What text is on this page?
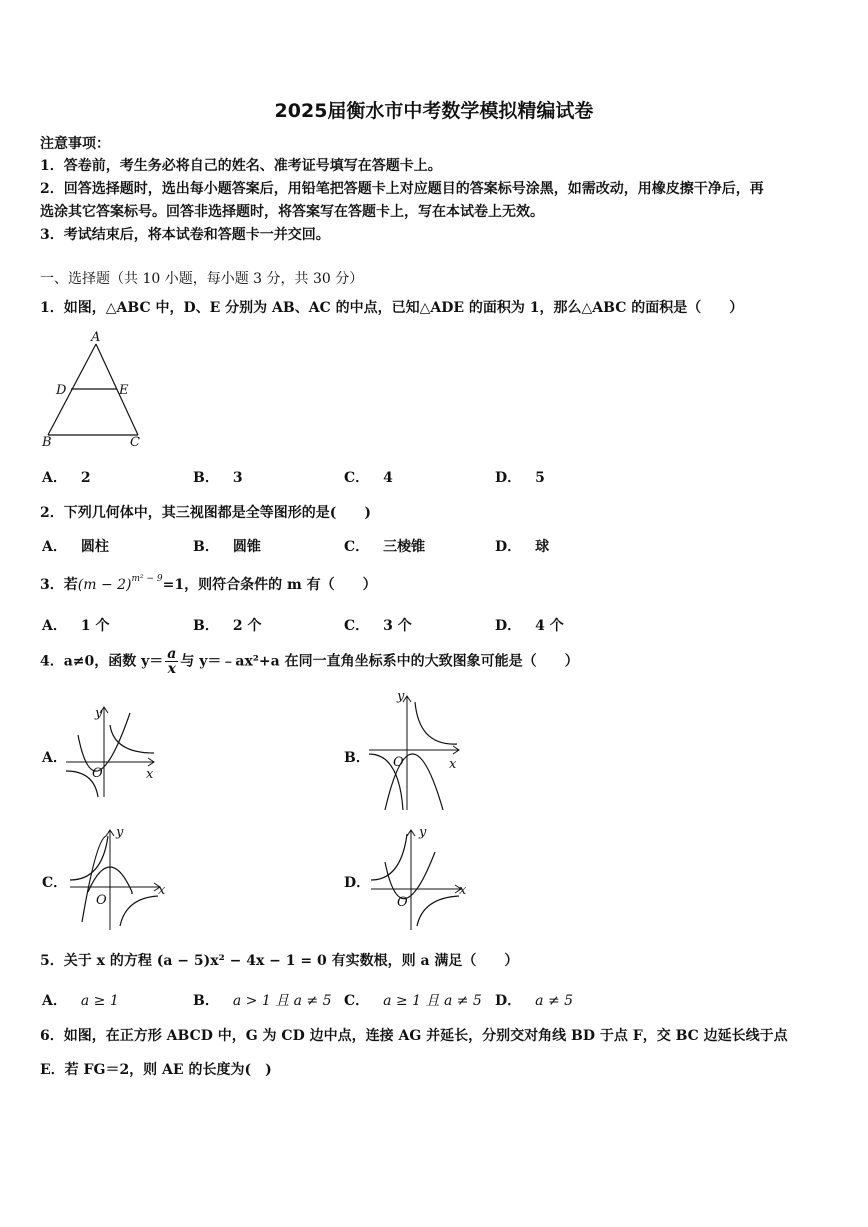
2025届衡水市中考数学模拟精编试卷
注意事项：
1．答卷前，考生务必将自己的姓名、准考证号填写在答题卡上。
2．回答选择题时，选出每小题答案后，用铅笔把答题卡上对应题目的答案标号涂黑，如需改动，用橡皮擦干净后，再
选涂其它答案标号。回答非选择题时，将答案写在答题卡上，写在本试卷上无效。
3．考试结束后，将本试卷和答题卡一并交回。
一、选择题（共 10 小题，每小题 3 分，共 30 分）
1．如图，△ABC 中，D、E 分别为 AB、AC 的中点，已知△ADE 的面积为 1，那么△ABC 的面积是（　　）
A
D	E
B	C
A． 2	B． 3	C． 4	D． 5
2．下列几何体中，其三视图都是全等图形的是(　　)
A． 圆柱	B． 圆锥	C． 三棱锥	D． 球
3．若$(m - 2)^{m^2 - 9}=1$，则符合条件的 m 有（　　）
A． 1 个	B． 2 个	C． 3 个	D． 4 个
4．a≠0，函数 $y= \frac{a}{x}$ 与 y＝﹣ax²+a 在同一直角坐标系中的大致图象可能是（　　）
A．
y
x
O
B．
y
x
O
C．
y
x
O
D．
y
x
O
5．关于 x 的方程 (a − 5)x² − 4x − 1 = 0 有实数根，则 a 满足（　　）
A． a ≥ 1	B． a > 1 且 a ≠ 5 C． a ≥ 1 且 a ≠ 5 D． a ≠ 5
6．如图，在正方形 ABCD 中，G 为 CD 边中点，连接 AG 并延长，分别交对角线 BD 于点 F，交 BC 边延长线于点
E．若 FG＝2，则 AE 的长度为(　)
